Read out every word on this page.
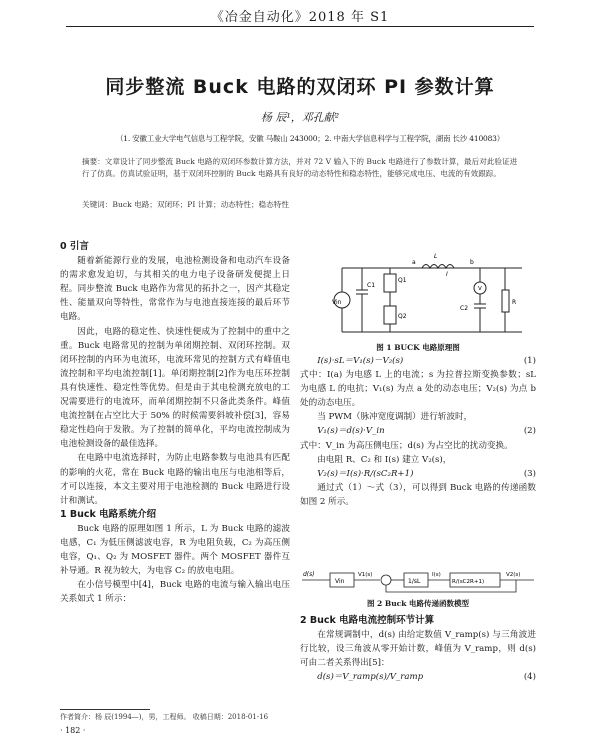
《冶金自动化》2018 年 S1
同步整流 Buck 电路的双闭环 PI 参数计算
杨 辰¹，邓孔献²
（1. 安徽工业大学电气信息与工程学院，安徽 马鞍山 243000；2. 中南大学信息科学与工程学院，湖南 长沙 410083）
摘要：文章设计了同步整流 Buck 电路的双闭环参数计算方法，并对 72 V 输入下的 Buck 电路进行了参数计算，最后对此验证进行了仿真。仿真试验证明，基于双闭环控制的 Buck 电路具有良好的动态特性和稳态特性，能够完成电压、电流的有效跟踪。
关键词：Buck 电路；双闭环；PI 计算；动态特性；稳态特性
0 引言

随着新能源行业的发展，电池检测设备和电动汽车设备的需求愈发迫切，与其相关的电力电子设备研发便提上日程。同步整流 Buck 电路作为常见的拓扑之一，因产其稳定性、能量双向等特性，常常作为与电池直接连接的最后环节电路。

因此，电路的稳定性、快速性便成为了控制中的重中之重。Buck 电路常见的控制为单闭期控制、双闭环控制。双闭环控制的内环为电流环，电流环常见的控制方式有峰值电流控制和平均电流控制[1]。单闭期控制[2]作为电压环控制具有快速性、稳定性等优势。但是由于其电检测充放电的工况需要进行的电流环，而单闭期控制不只备此类条件。峰值电流控制在占空比大于 50% 的时候需要斜坡补偿[3]，容易稳定性趋向于发散。为了控制的简单化，平均电流控制成为电池检测设备的最佳选择。

在电路中电流选择时，为防止电路参数与电池具有匹配的影响的火花，常在 Buck 电路的输出电压与电池相等后，才可以连接，本文主要对用于电池检测的 Buck 电路进行设计和测试。

1 Buck 电路系统介绍

Buck 电路的原理如图 1 所示，L 为 Buck 电路的滤波电感，C₁ 为低压侧滤波电容，R 为电阻负载，C₂ 为高压侧电容，Q₁、Q₂ 为 MOSFET 器件。两个 MOSFET 器件互补导通。R 视为较大，为电容 C₂ 的放电电阻。

在小信号模型中[4]，Buck 电路的电流与输入输出电压关系如式 1 所示：

Vin
C1
Q1
Q2
a
L
b
V
C2
R
I
图 1 BUCK 电路原理图
I(s)·sL＝V₁(s)－V₂(s)	(1)

式中：I(a) 为电感 L 上的电流；s 为拉普拉斯变换参数；sL 为电感 L 的电抗；V₁(s) 为点 a 处的动态电压；V₂(s) 为点 b 处的动态电压。

当 PWM（脉冲宽度调制）进行斩波时，

V₁(s)＝d(s)·V_in	(2)

式中：V_in 为高压侧电压；d(s) 为占空比的扰动变换。

由电阻 R、C₂ 和 I(s) 建立 V₂(s)，

V₂(s)＝I(s)·R/(sC₂R+1)	(3)

通过式（1）～式（3），可以得到 Buck 电路的传递函数如图 2 所示。

d(s)
Vin
V1(s)
1/sL
I(s)
R/(sC2R+1)
V2(s)
图 2 Buck 电路传递函数模型
2 Buck 电路电流控制环节计算

在常规调制中，d(s) 由给定数值 V_ramp(s) 与三角波进行比较，设三角波从零开始计数，峰值为 V_ramp，则 d(s) 可由二者关系得出[5]：

d(s)＝V_ramp(s)/V_ramp	(4)
作者简介：杨 辰(1994—)，男，工程师。 收稿日期：2018-01-16
· 182 ·
